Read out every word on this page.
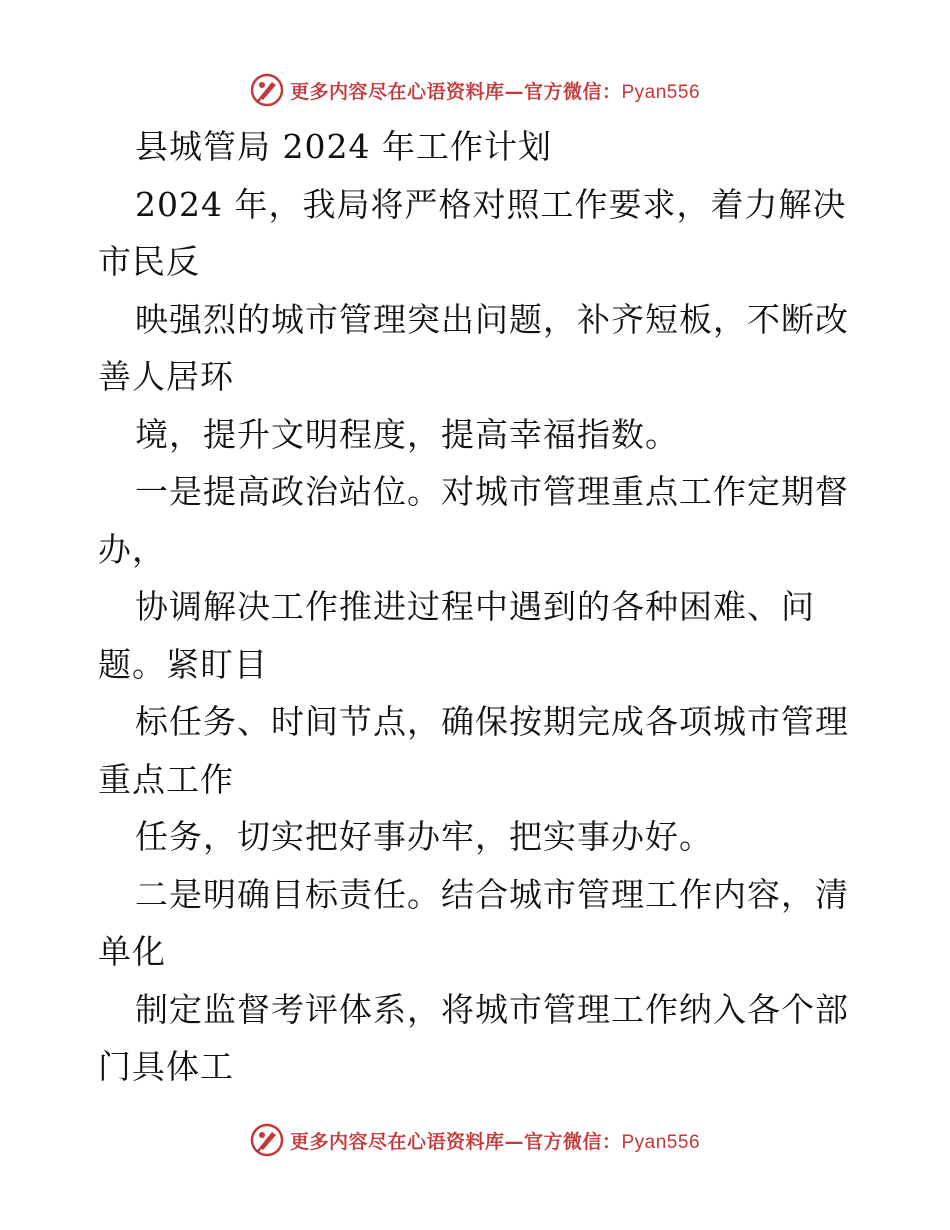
更多内容尽在心语资料库—官方微信：Pyan556
县城管局 2024 年工作计划
2024 年，我局将严格对照工作要求，着力解决
市民反
映强烈的城市管理突出问题，补齐短板，不断改
善人居环
境，提升文明程度，提高幸福指数。
一是提高政治站位。对城市管理重点工作定期督
办，
协调解决工作推进过程中遇到的各种困难、问
题。紧盯目
标任务、时间节点，确保按期完成各项城市管理
重点工作
任务，切实把好事办牢，把实事办好。
二是明确目标责任。结合城市管理工作内容，清
单化
制定监督考评体系，将城市管理工作纳入各个部
门具体工
更多内容尽在心语资料库—官方微信：Pyan556
